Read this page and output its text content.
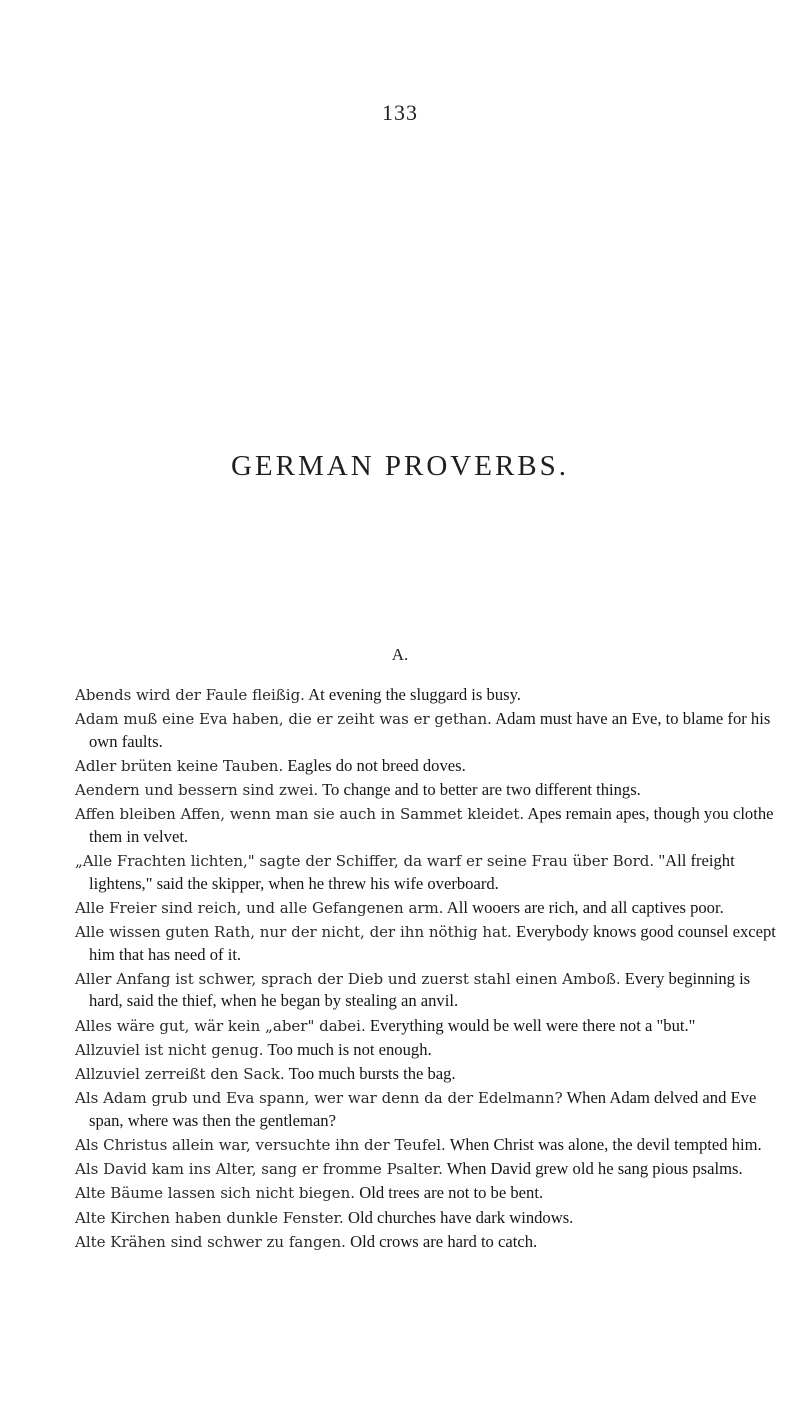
133
GERMAN PROVERBS.
A.

Abends wird der Faule fleißig. At evening the sluggard is busy.

Adam muß eine Eva haben, die er zeiht was er gethan. Adam must have an Eve, to blame for his own faults.

Adler brüten keine Tauben. Eagles do not breed doves.

Aendern und bessern sind zwei. To change and to better are two different things.

Affen bleiben Affen, wenn man sie auch in Sammet kleidet. Apes remain apes, though you clothe them in velvet.

„Alle Frachten lichten," sagte der Schiffer, da warf er seine Frau über Bord. "All freight lightens," said the skipper, when he threw his wife overboard.

Alle Freier sind reich, und alle Gefangenen arm. All wooers are rich, and all captives poor.

Alle wissen guten Rath, nur der nicht, der ihn nöthig hat. Everybody knows good counsel except him that has need of it.

Aller Anfang ist schwer, sprach der Dieb und zuerst stahl einen Amboß. Every beginning is hard, said the thief, when he began by stealing an anvil.

Alles wäre gut, wär kein „aber" dabei. Everything would be well were there not a "but."

Allzuviel ist nicht genug. Too much is not enough.

Allzuviel zerreißt den Sack. Too much bursts the bag.

Als Adam grub und Eva spann, wer war denn da der Edelmann? When Adam delved and Eve span, where was then the gentleman?

Als Christus allein war, versuchte ihn der Teufel. When Christ was alone, the devil tempted him.

Als David kam ins Alter, sang er fromme Psalter. When David grew old he sang pious psalms.

Alte Bäume lassen sich nicht biegen. Old trees are not to be bent.

Alte Kirchen haben dunkle Fenster. Old churches have dark windows.

Alte Krähen sind schwer zu fangen. Old crows are hard to catch.
